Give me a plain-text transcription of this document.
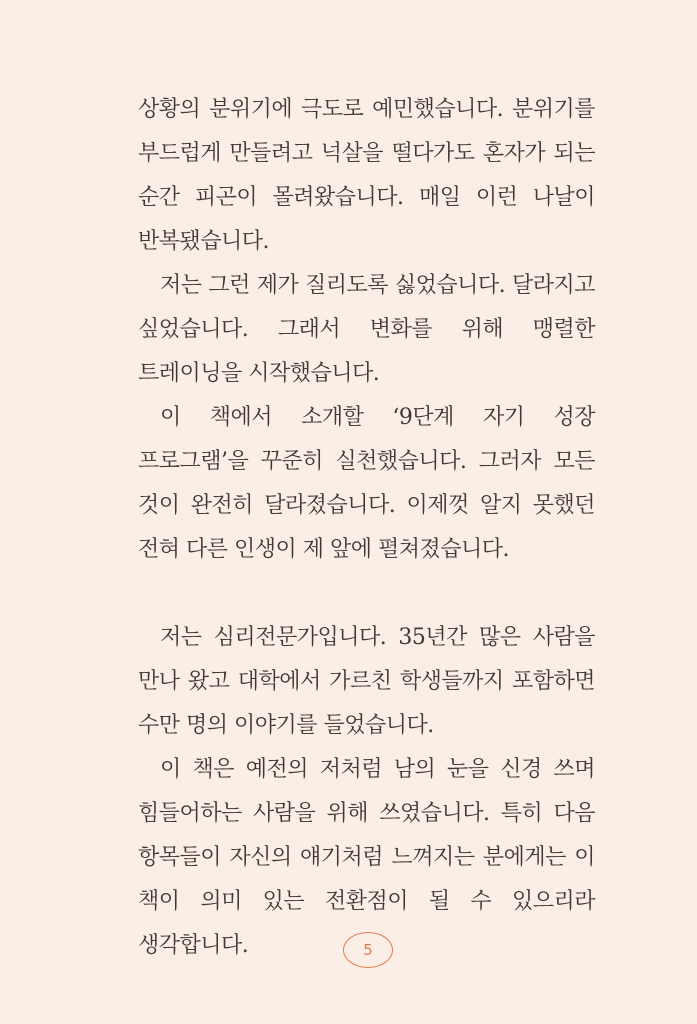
상황의 분위기에 극도로 예민했습니다. 분위기를 부드럽게 만들려고 넉살을 떨다가도 혼자가 되는 순간 피곤이 몰려왔습니다. 매일 이런 나날이 반복됐습니다.

저는 그런 제가 질리도록 싫었습니다. 달라지고 싶었습니다. 그래서 변화를 위해 맹렬한 트레이닝을 시작했습니다.

이 책에서 소개할 ‘9단계 자기 성장 프로그램’을 꾸준히 실천했습니다. 그러자 모든 것이 완전히 달라졌습니다. 이제껏 알지 못했던 전혀 다른 인생이 제 앞에 펼쳐졌습니다.

저는 심리전문가입니다. 35년간 많은 사람을 만나 왔고 대학에서 가르친 학생들까지 포함하면 수만 명의 이야기를 들었습니다.

이 책은 예전의 저처럼 남의 눈을 신경 쓰며 힘들어하는 사람을 위해 쓰였습니다. 특히 다음 항목들이 자신의 얘기처럼 느껴지는 분에게는 이 책이 의미 있는 전환점이 될 수 있으리라 생각합니다.	5
